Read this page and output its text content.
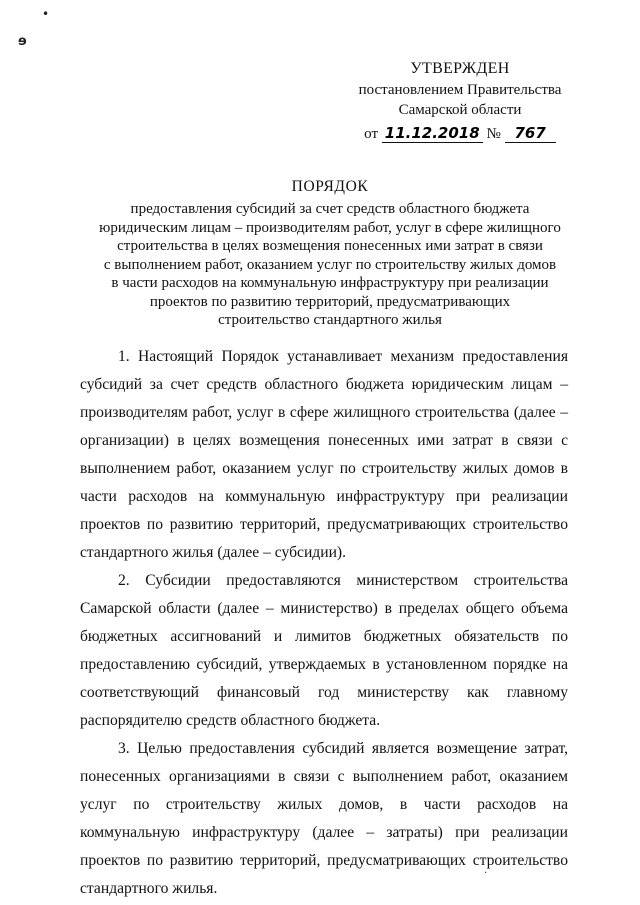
•
ɘ
·
УТВЕРЖДЕН
постановлением Правительства
Самарской области
от 11.12.2018 № 767
ПОРЯДОК
предоставления субсидий за счет средств областного бюджета
юридическим лицам – производителям работ, услуг в сфере жилищного
строительства в целях возмещения понесенных ими затрат в связи
с выполнением работ, оказанием услуг по строительству жилых домов
в части расходов на коммунальную инфраструктуру при реализации
проектов по развитию территорий, предусматривающих
строительство стандартного жилья

1. Настоящий Порядок устанавливает механизм предоставления субсидий за счет средств областного бюджета юридическим лицам – производителям работ, услуг в сфере жилищного строительства (далее – организации) в целях возмещения понесенных ими затрат в связи с выполнением работ, оказанием услуг по строительству жилых домов в части расходов на коммунальную инфраструктуру при реализации проектов по развитию территорий, предусматривающих строительство стандартного жилья (далее – субсидии).

2. Субсидии предоставляются министерством строительства Самарской области (далее – министерство) в пределах общего объема бюджетных ассигнований и лимитов бюджетных обязательств по предоставлению субсидий, утверждаемых в установленном порядке на соответствующий финансовый год министерству как главному распорядителю средств областного бюджета.

3. Целью предоставления субсидий является возмещение затрат, понесенных организациями в связи с выполнением работ, оказанием услуг по строительству жилых домов, в части расходов на коммунальную инфраструктуру (далее – затраты) при реализации проектов по развитию территорий, предусматривающих строительство стандартного жилья.
